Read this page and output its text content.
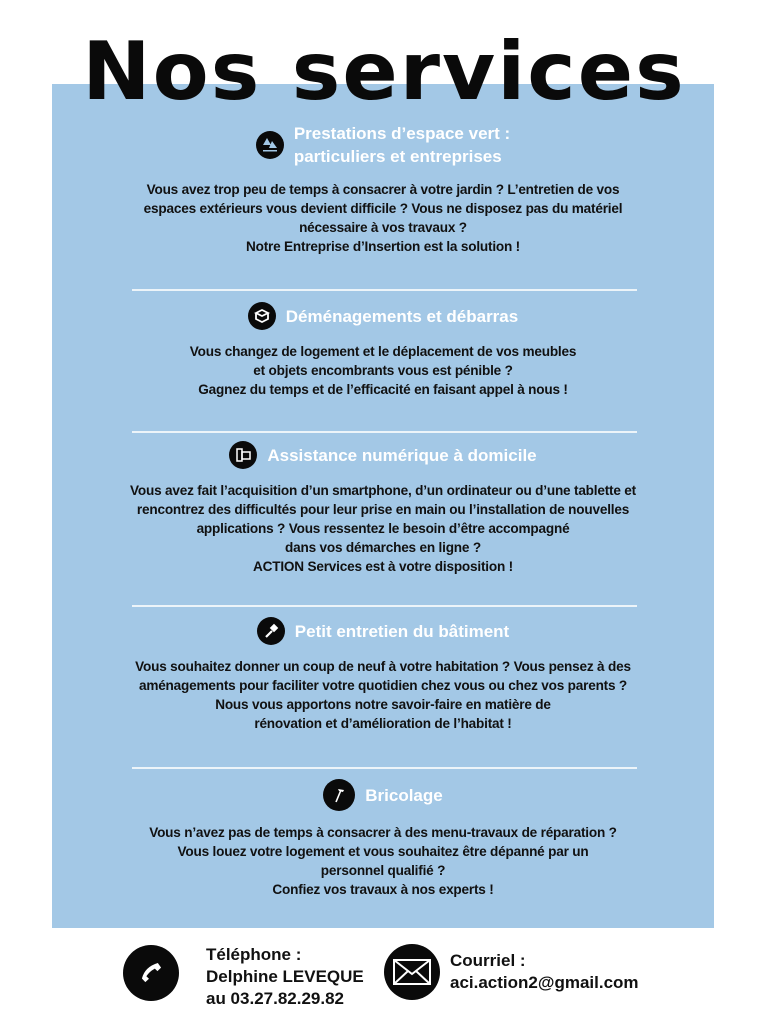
Nos services
Prestations d’espace vert :
particuliers et entreprises

Vous avez trop peu de temps à consacrer à votre jardin ? L’entretien de vos

espaces extérieurs vous devient difficile ? Vous ne disposez pas du matériel

nécessaire à vos travaux ?

Notre Entreprise d’Insertion est la solution !

Déménagements et débarras

Vous changez de logement et le déplacement de vos meubles

et objets encombrants vous est pénible ?

Gagnez du temps et de l’efficacité en faisant appel à nous !

Assistance numérique à domicile

Vous avez fait l’acquisition d’un smartphone, d’un ordinateur ou d’une tablette et

rencontrez des difficultés pour leur prise en main ou l’installation de nouvelles

applications ? Vous ressentez le besoin d’être accompagné

dans vos démarches en ligne ?

ACTION Services est à votre disposition !

Petit entretien du bâtiment

Vous souhaitez donner un coup de neuf à votre habitation ? Vous pensez à des

aménagements pour faciliter votre quotidien chez vous ou chez vos parents ?

Nous vous apportons notre savoir-faire en matière de

rénovation et d’amélioration de l’habitat !

Bricolage

Vous n’avez pas de temps à consacrer à des menu-travaux de réparation ?

Vous louez votre logement et vous souhaitez être dépanné par un

personnel qualifié ?

Confiez vos travaux à nos experts !

Téléphone :
Delphine LEVEQUE
au 03.27.82.29.82
Courriel :
aci.action2@gmail.com
